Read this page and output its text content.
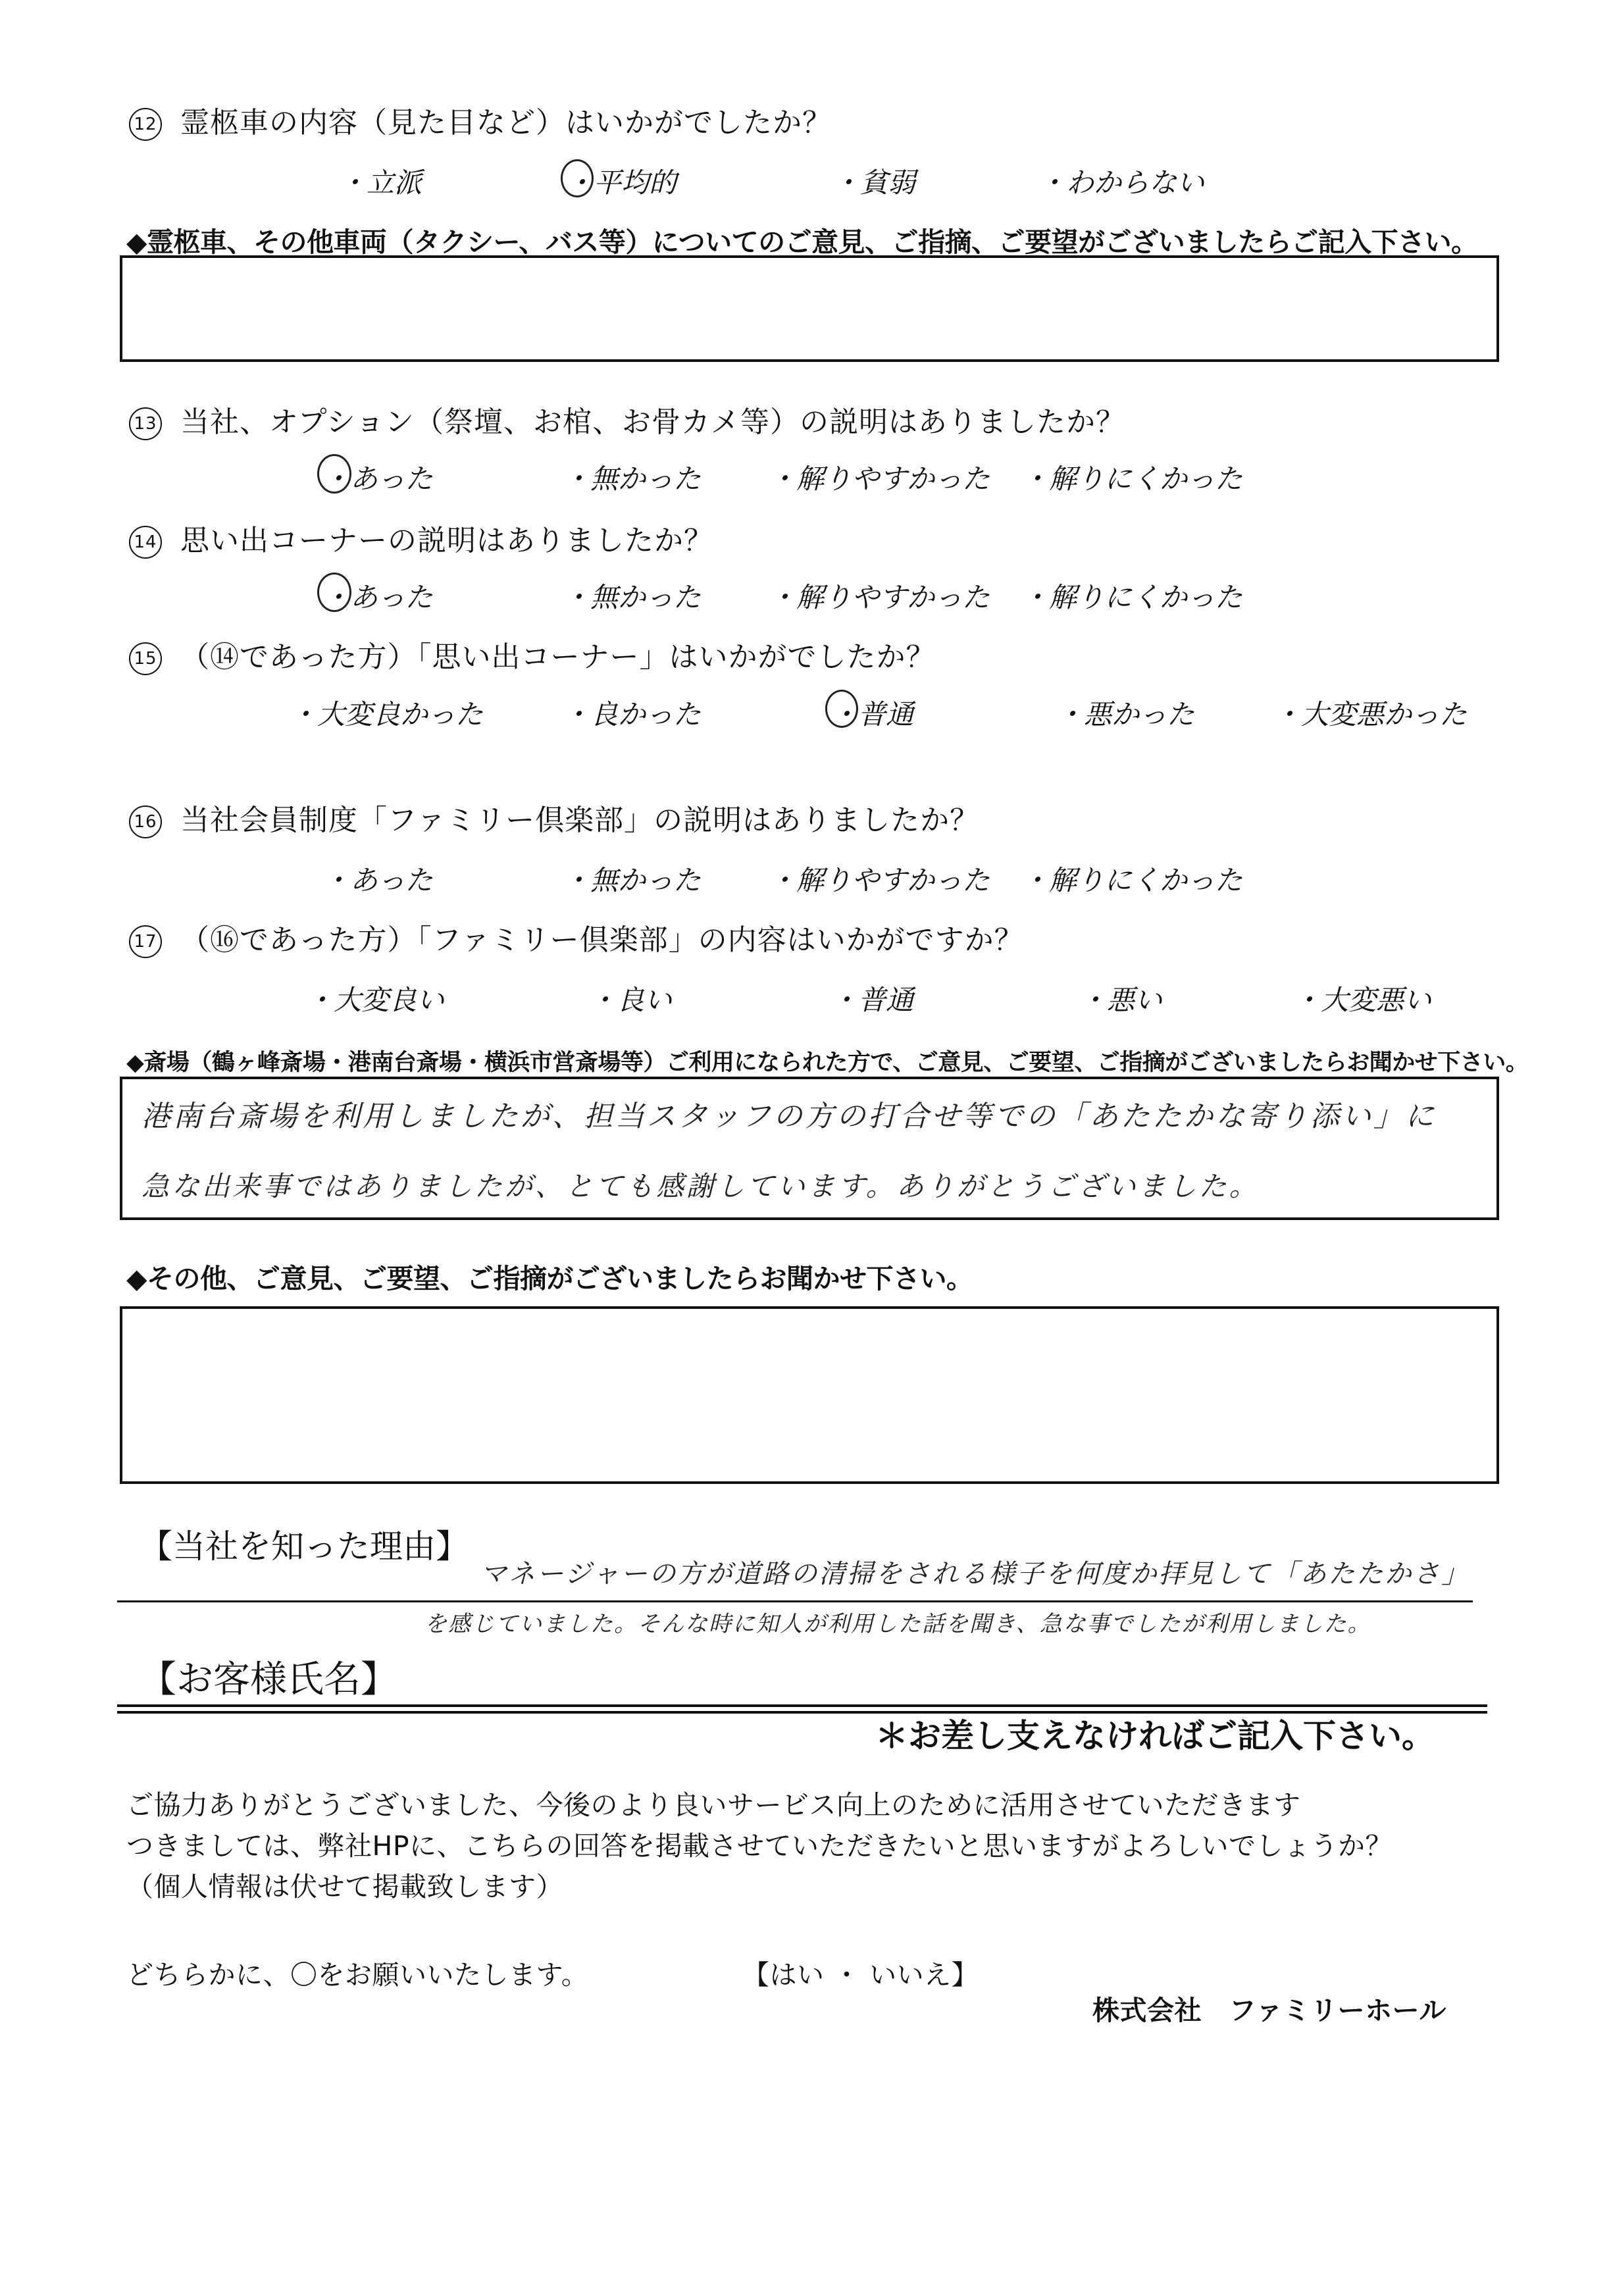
12 霊柩車の内容（見た目など）はいかがでしたか？
・立派	・平均的	・貧弱	・わからない
◆霊柩車、その他車両（タクシー、バス等）についてのご意見、ご指摘、ご要望がございましたらご記入下さい。
13 当社、オプション（祭壇、お棺、お骨カメ等）の説明はありましたか？
・あった	・無かった ・解りやすかった ・解りにくかった
14 思い出コーナーの説明はありましたか？
・あった	・無かった ・解りやすかった ・解りにくかった
15 （⑭であった方）「思い出コーナー」はいかがでしたか？
・大変良かった	・良かった	・普通	・悪かった	・大変悪かった
16 当社会員制度「ファミリー倶楽部」の説明はありましたか？
・あった	・無かった ・解りやすかった ・解りにくかった
17 （⑯であった方）「ファミリー倶楽部」の内容はいかがですか？
・大変良い	・良い	・普通	・悪い	・大変悪い
◆斎場（鶴ヶ峰斎場・港南台斎場・横浜市営斎場等）ご利用になられた方で、ご意見、ご要望、ご指摘がございましたらお聞かせ下さい。
港南台斎場を利用しましたが、担当スタッフの方の打合せ等での「あたたかな寄り添い」に
急な出来事ではありましたが、とても感謝しています。ありがとうございました。
◆その他、ご意見、ご要望、ご指摘がございましたらお聞かせ下さい。
【当社を知った理由】
マネージャーの方が道路の清掃をされる様子を何度か拝見して「あたたかさ」
を感じていました。そんな時に知人が利用した話を聞き、急な事でしたが利用しました。
【お客様氏名】
＊お差し支えなければご記入下さい。
ご協力ありがとうございました、今後のより良いサービス向上のために活用させていただきます
つきましては、弊社HPに、こちらの回答を掲載させていただきたいと思いますがよろしいでしょうか？
（個人情報は伏せて掲載致します）
どちらかに、〇をお願いいたします。	【はい ・ いいえ】
株式会社　ファミリーホール
